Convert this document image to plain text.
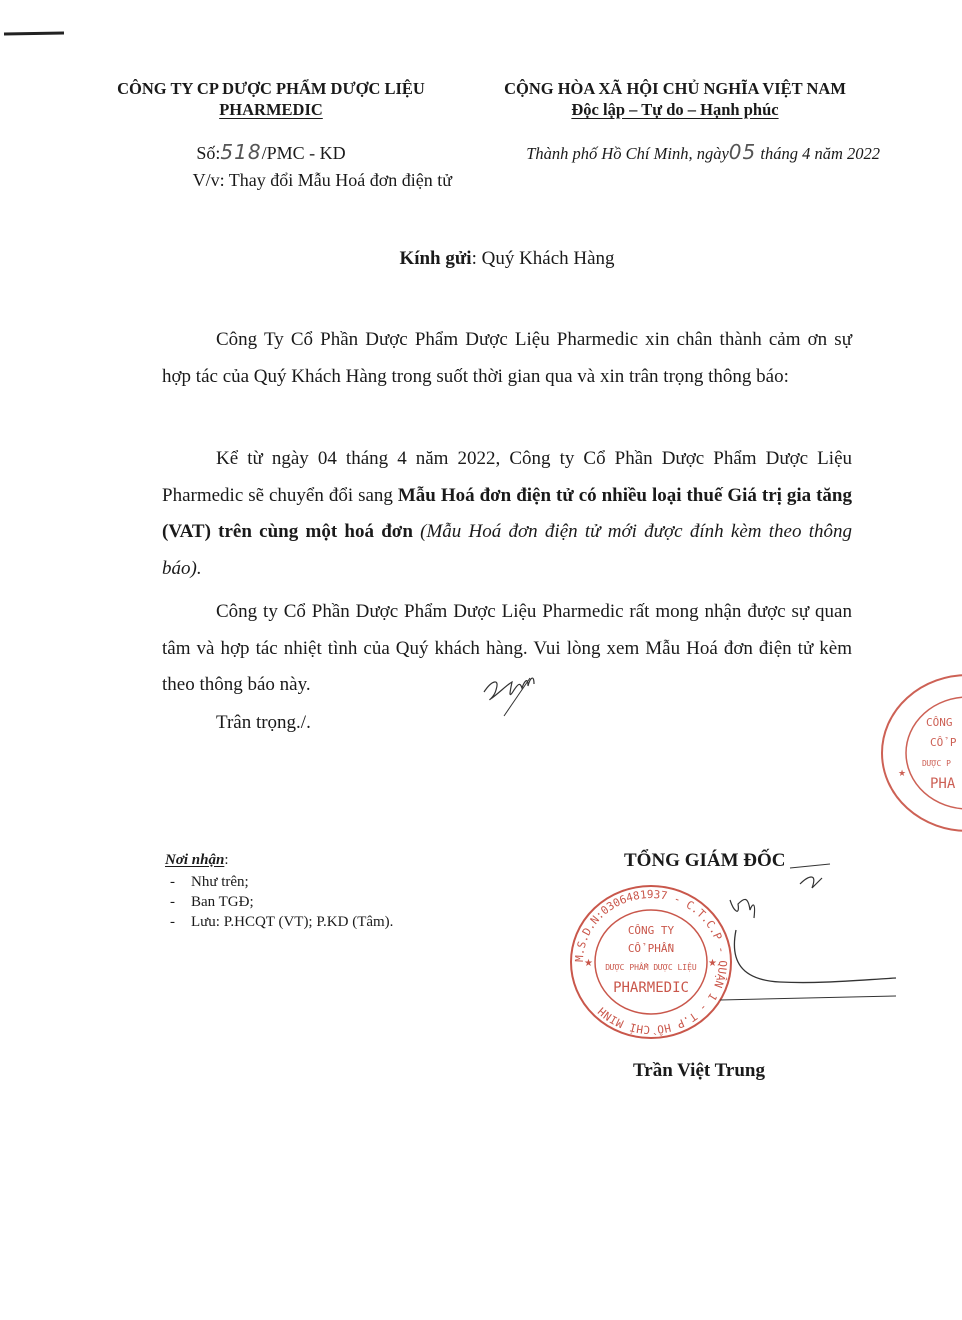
CÔNG TY CP DƯỢC PHẨM DƯỢC LIỆU
PHARMEDIC
CỘNG HÒA XÃ HỘI CHỦ NGHĨA VIỆT NAM
Độc lập – Tự do – Hạnh phúc
Số:518/PMC - KD
V/v: Thay đổi Mẫu Hoá đơn điện tử
Thành phố Hồ Chí Minh, ngày05 tháng 4 năm 2022
Kính gửi: Quý Khách Hàng
Công Ty Cổ Phần Dược Phẩm Dược Liệu Pharmedic xin chân thành cảm ơn sự hợp tác của Quý Khách Hàng trong suốt thời gian qua và xin trân trọng thông báo:
Kể từ ngày 04 tháng 4 năm 2022, Công ty Cổ Phần Dược Phẩm Dược Liệu Pharmedic sẽ chuyển đổi sang Mẫu Hoá đơn điện tử có nhiều loại thuế Giá trị gia tăng (VAT) trên cùng một hoá đơn (Mẫu Hoá đơn điện tử mới được đính kèm theo thông báo).
Công ty Cổ Phần Dược Phẩm Dược Liệu Pharmedic rất mong nhận được sự quan tâm và hợp tác nhiệt tình của Quý khách hàng. Vui lòng xem Mẫu Hoá đơn điện tử kèm theo thông báo này.
Trân trọng./.
Nơi nhận:
- Như trên;
- Ban TGĐ;
- Lưu: P.HCQT (VT); P.KD (Tâm).
TỔNG GIÁM ĐỐC
M.S.D.N:0306481937 - C.T.C.P - QUẬN 1 - T.P HỒ CHÍ MINH
CÔNG TY
CỔ PHẦN
DƯỢC PHẨM DƯỢC LIỆU
PHARMEDIC
★	★
Trần Việt Trung
CÔNG
CỔ P
DƯỢC P
PHA
★
